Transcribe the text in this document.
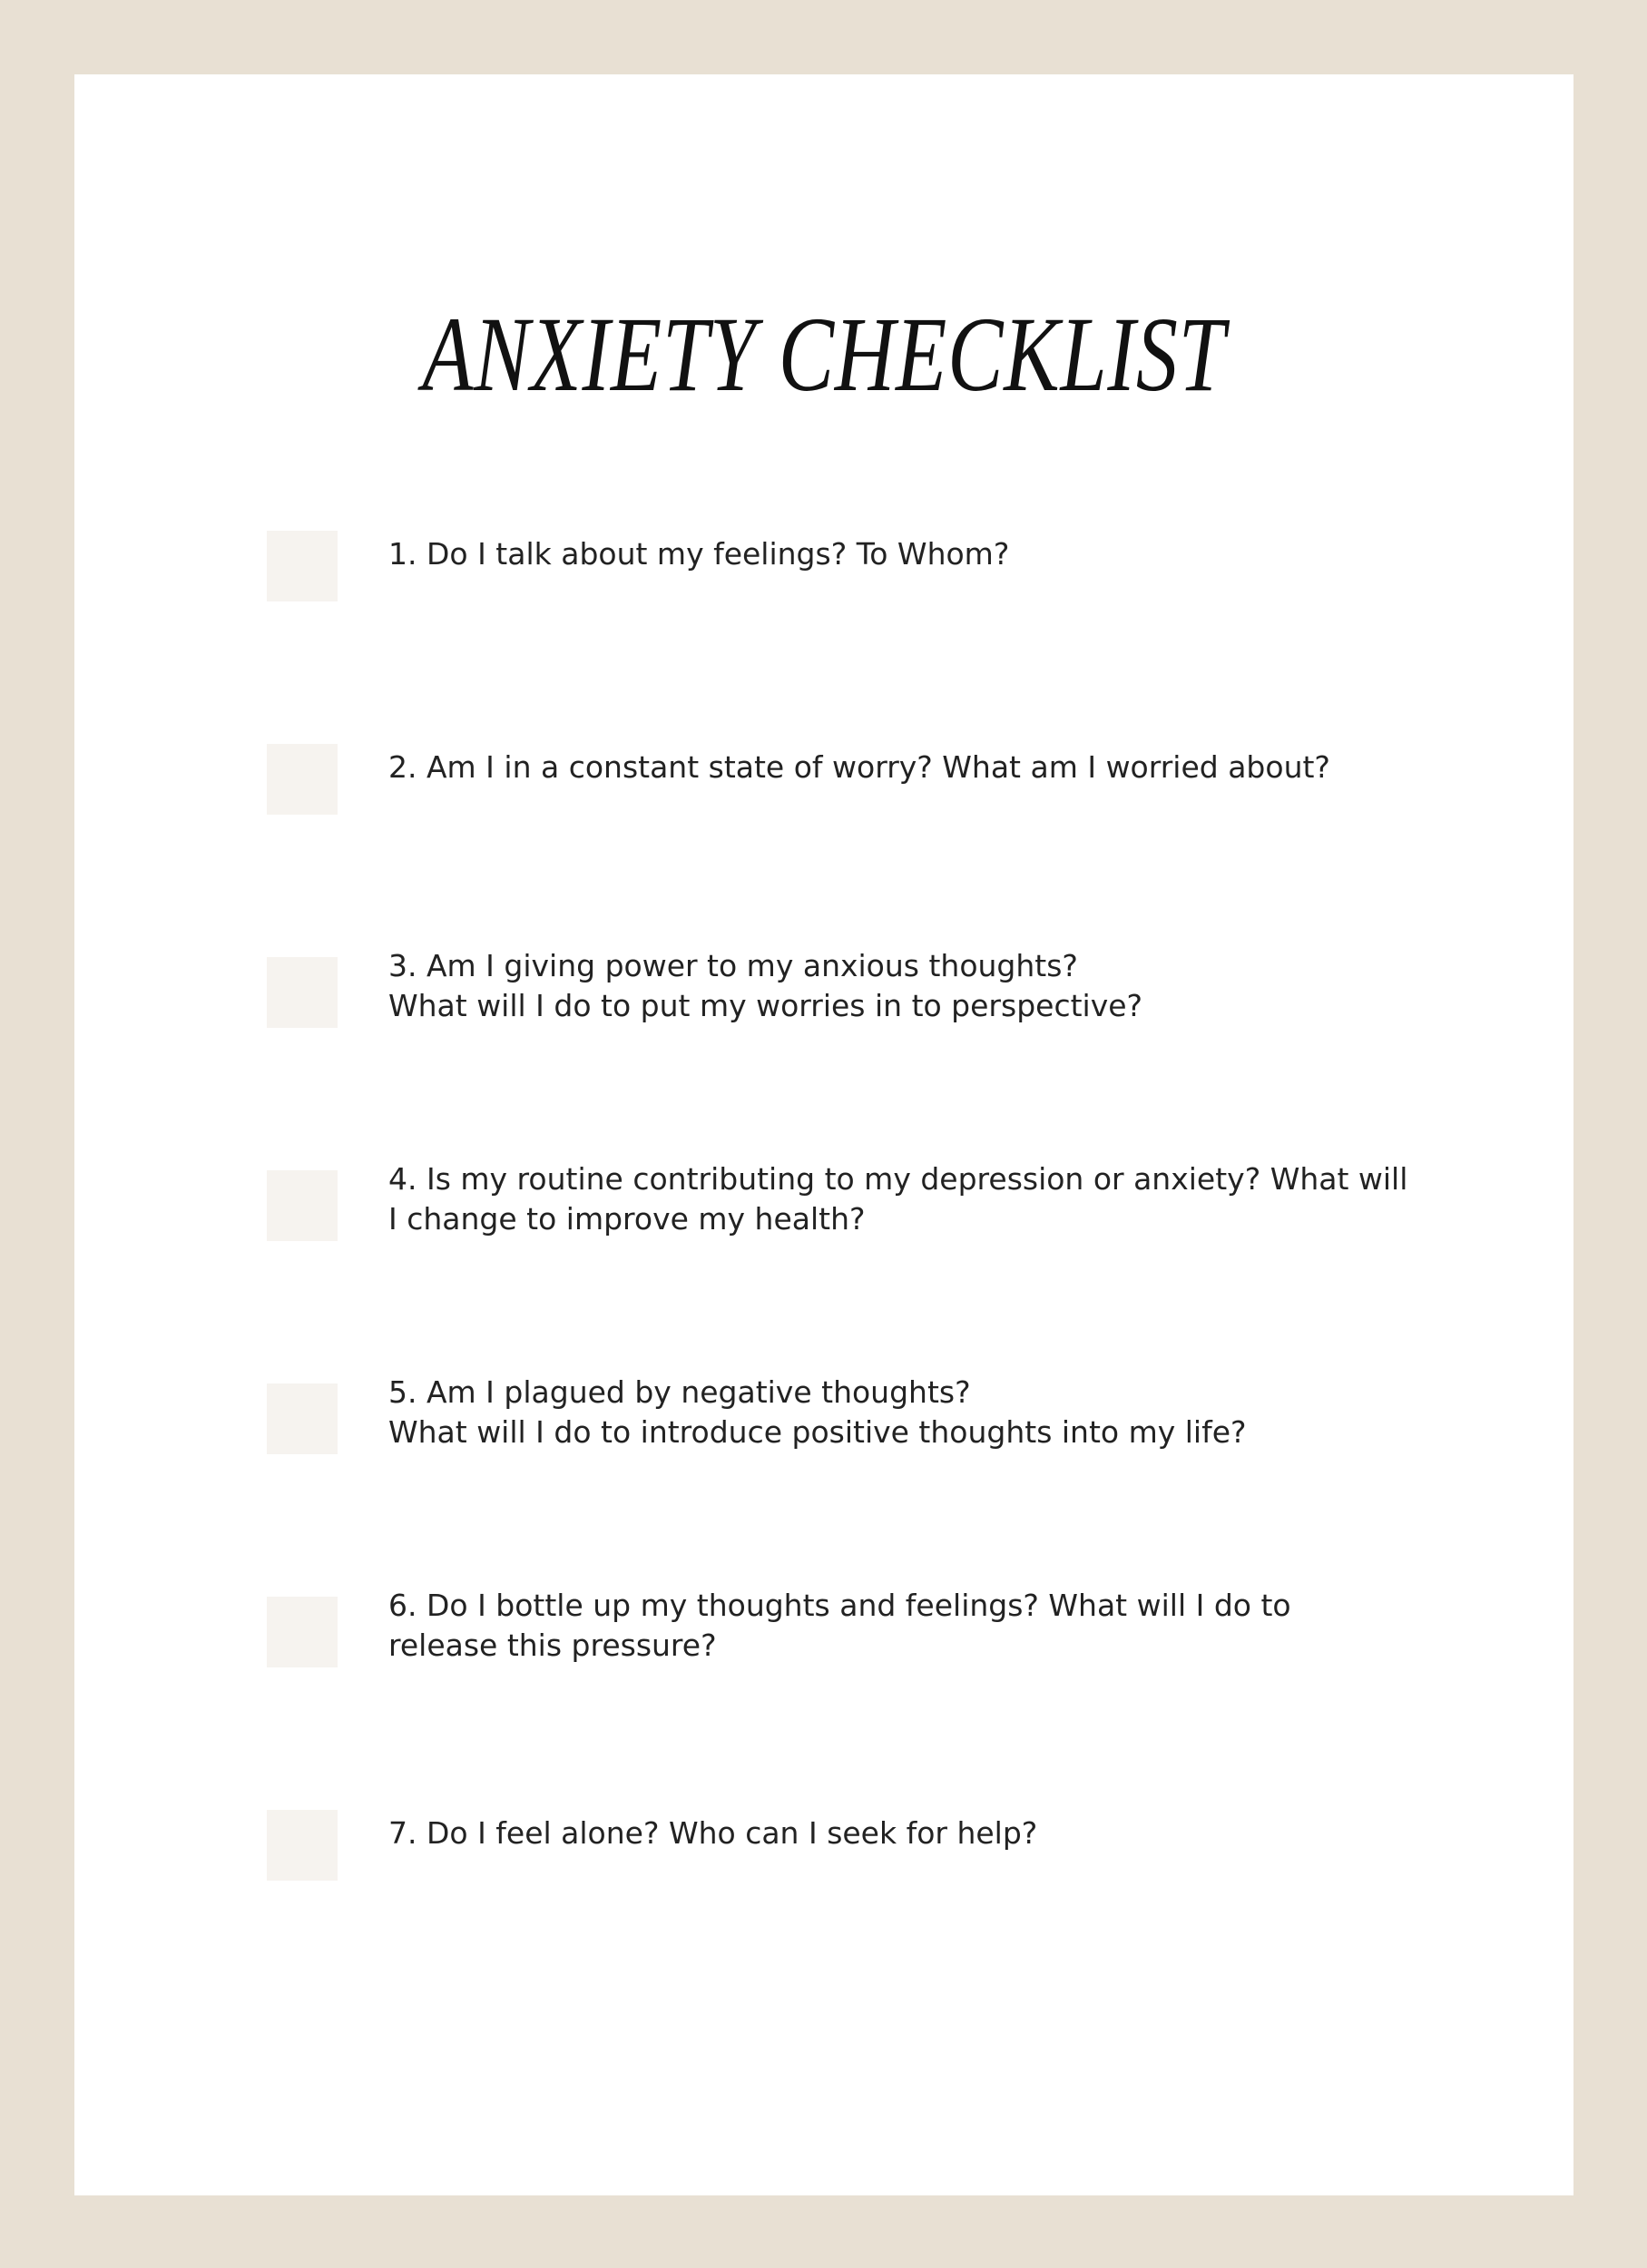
ANXIETY CHECKLIST
1. Do I talk about my feelings? To Whom?
2. Am I in a constant state of worry? What am I worried about?
3. Am I giving power to my anxious thoughts?
What will I do to put my worries in to perspective?
4. Is my routine contributing to my depression or anxiety? What will
I change to improve my health?
5. Am I plagued by negative thoughts?
What will I do to introduce positive thoughts into my life?
6. Do I bottle up my thoughts and feelings? What will I do to
release this pressure?
7. Do I feel alone? Who can I seek for help?
